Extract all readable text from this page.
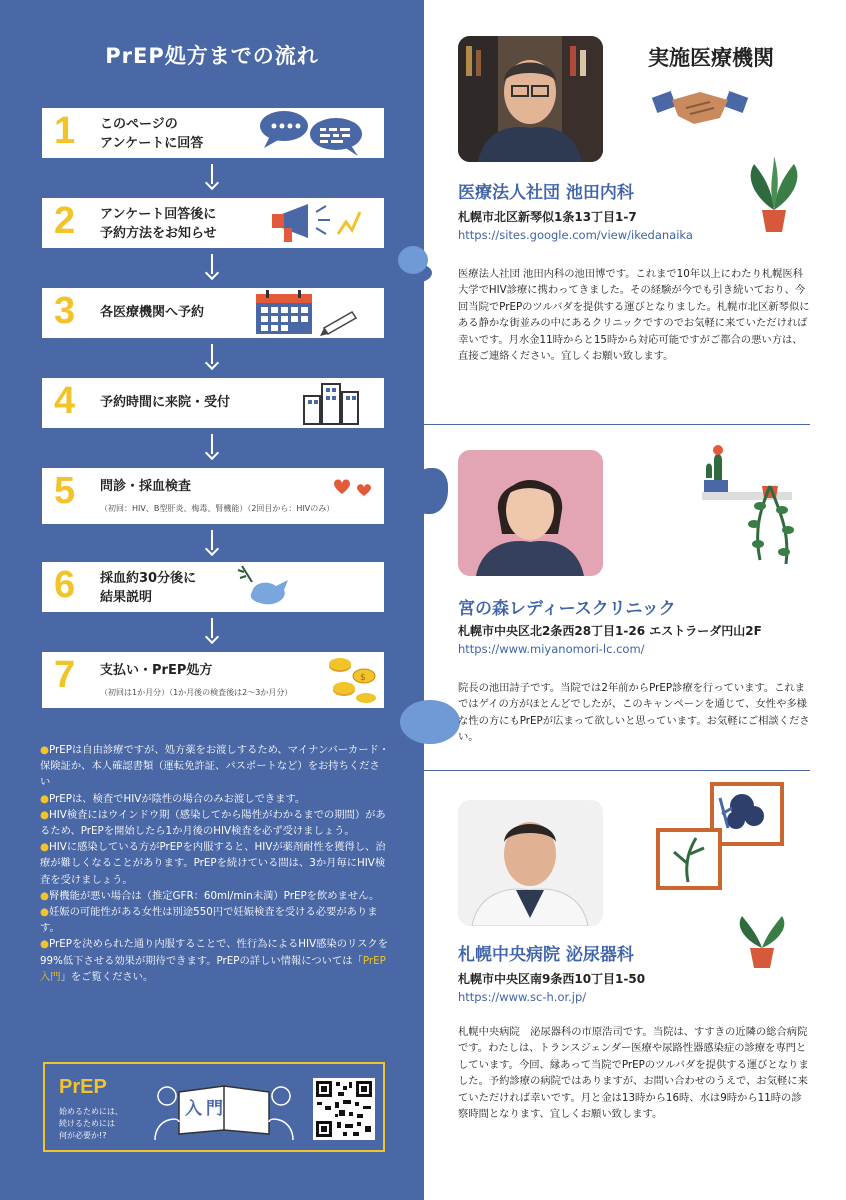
PrEP処方までの流れ
1 このページの
アンケートに回答
2 アンケート回答後に
予約方法をお知らせ
3 各医療機関へ予約
4 予約時間に来院・受付
5 問診・採血検査
（初回：HIV、B型肝炎、梅毒、腎機能）（2回目から：HIVのみ）
6 採血約30分後に
結果説明
7 支払い・PrEP処方
（初回は1か月分）（1か月後の検査後は2〜3か月分）
$

●PrEPは自由診療ですが、処方薬をお渡しするため、マイナンバーカード・保険証か、本人確認書類（運転免許証、パスポートなど）をお持ちください

●PrEPは、検査でHIVが陰性の場合のみお渡しできます。

●HIV検査にはウインドウ期（感染してから陽性がわかるまでの期間）があるため、PrEPを開始したら1か月後のHIV検査を必ず受けましょう。

●HIVに感染している方がPrEPを内服すると、HIVが薬剤耐性を獲得し、治療が難しくなることがあります。PrEPを続けている間は、3か月毎にHIV検査を受けましょう。

●腎機能が悪い場合は（推定GFR：60ml/min未満）PrEPを飲めません。

●妊娠の可能性がある女性は別途550円で妊娠検査を受ける必要があります。

●PrEPを決められた通り内服することで、性行為によるHIV感染のリスクを99%低下させる効果が期待できます。PrEPの詳しい情報については「PrEP入門」をご覧ください。

PrEP
始めるためには、
続けるためには
何が必要か!?
入門
実施医療機関
医療法人社団 池田内科
札幌市北区新琴似1条13丁目1-7
https://sites.google.com/view/ikedanaika
医療法人社団 池田内科の池田博です。これまで10年以上にわたり札幌医科大学でHIV診療に携わってきました。その経験が今でも引き続いており、今回当院でPrEPのツルバダを提供する運びとなりました。札幌市北区新琴似にある静かな街並みの中にあるクリニックですのでお気軽に来ていただければ幸いです。月水金11時からと15時から対応可能ですがご都合の悪い方は、直接ご連絡ください。宜しくお願い致します。
宮の森レディースクリニック
札幌市中央区北2条西28丁目1-26 エストラーダ円山2F
https://www.miyanomori-lc.com/
院長の池田詩子です。当院では2年前からPrEP診療を行っています。これまではゲイの方がほとんどでしたが、このキャンペーンを通じて、女性や多様な性の方にもPrEPが広まって欲しいと思っています。お気軽にご相談ください。
札幌中央病院 泌尿器科
札幌市中央区南9条西10丁目1-50
https://www.sc-h.or.jp/
札幌中央病院　泌尿器科の市原浩司です。当院は、すすきの近隣の総合病院です。わたしは、トランスジェンダー医療や尿路性器感染症の診療を専門としています。今回、縁あって当院でPrEPのツルバダを提供する運びとなりました。予約診療の病院ではありますが、お問い合わせのうえで、お気軽に来ていただければ幸いです。月と金は13時から16時、水は9時から11時の診察時間となります、宜しくお願い致します。
